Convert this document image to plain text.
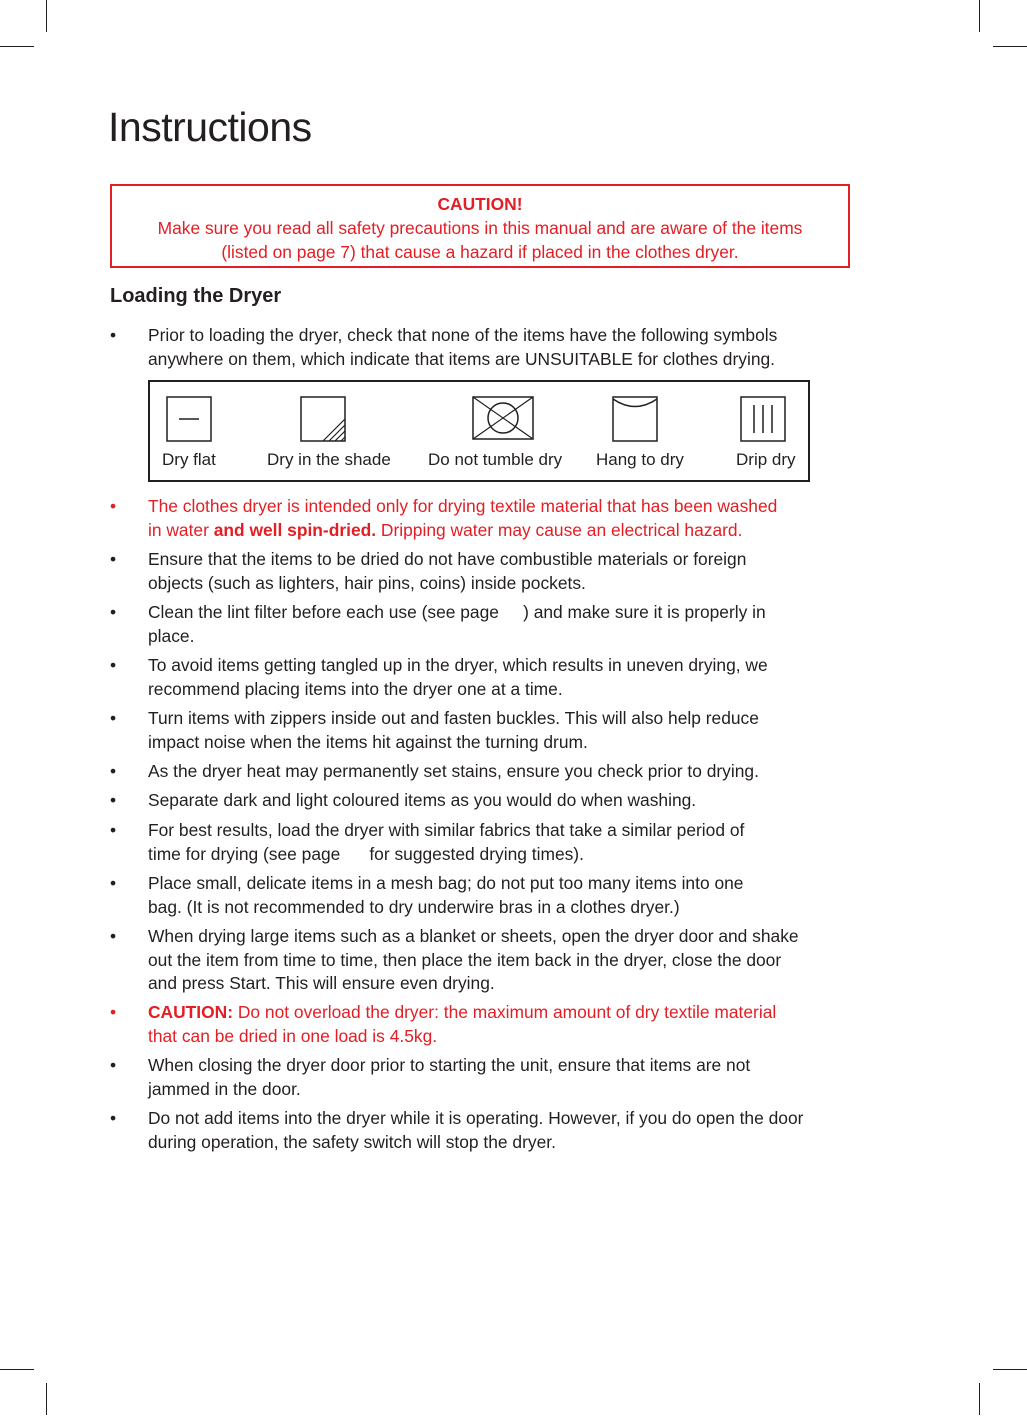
Instructions
CAUTION!
Make sure you read all safety precautions in this manual and are aware of the items
(listed on page 7) that cause a hazard if placed in the clothes dryer.
Loading the Dryer
•	Prior to loading the dryer, check that none of the items have the following symbols
anywhere on them, which indicate that items are UNSUITABLE for clothes drying.
•	The clothes dryer is intended only for drying textile material that has been washed
in water and well spin-dried. Dripping water may cause an electrical hazard.
•	Ensure that the items to be dried do not have combustible materials or foreign
objects (such as lighters, hair pins, coins) inside pockets.
•	Clean the lint filter before each use (see page     ) and make sure it is properly in
place.
•	To avoid items getting tangled up in the dryer, which results in uneven drying, we
recommend placing items into the dryer one at a time.
•	Turn items with zippers inside out and fasten buckles. This will also help reduce
impact noise when the items hit against the turning drum.
•	As the dryer heat may permanently set stains, ensure you check prior to drying.
•	Separate dark and light coloured items as you would do when washing.
•	For best results, load the dryer with similar fabrics that take a similar period of
time for drying (see page      for suggested drying times).
•	Place small, delicate items in a mesh bag; do not put too many items into one
bag. (It is not recommended to dry underwire bras in a clothes dryer.)
•	When drying large items such as a blanket or sheets, open the dryer door and shake
out the item from time to time, then place the item back in the dryer, close the door
and press Start. This will ensure even drying.
•	CAUTION: Do not overload the dryer: the maximum amount of dry textile material
that can be dried in one load is 4.5kg.
•	When closing the dryer door prior to starting the unit, ensure that items are not
jammed in the door.
•	Do not add items into the dryer while it is operating. However, if you do open the door
during operation, the safety switch will stop the dryer.
Dry flat	Dry in the shade Do not tumble dry Hang to dry	Drip dry
